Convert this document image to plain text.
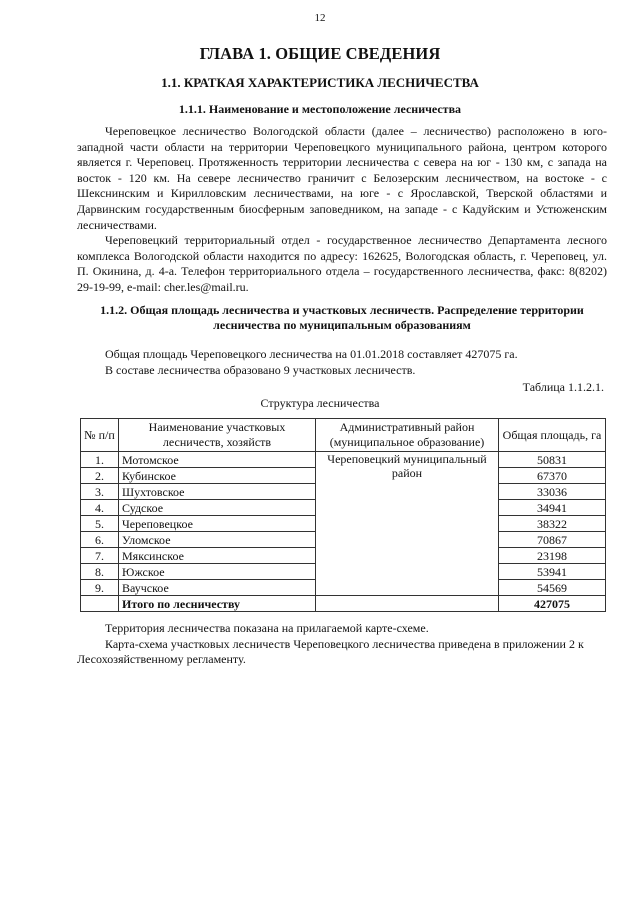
12
ГЛАВА 1. ОБЩИЕ СВЕДЕНИЯ
1.1. КРАТКАЯ ХАРАКТЕРИСТИКА ЛЕСНИЧЕСТВА
1.1.1. Наименование и местоположение лесничества

Череповецкое лесничество Вологодской области (далее – лесничество) расположено в юго-западной части области на территории Череповецкого муниципального района, центром которого является г. Череповец. Протяженность территории лесничества с севера на юг - 130 км, с запада на восток - 120 км. На севере лесничество граничит с Белозерским лесничеством, на востоке - с Шекснинским и Кирилловским лесничествами, на юге - с Ярославской, Тверской областями и Дарвинским государственным биосферным заповедником, на западе - с Кадуйским и Устюженским лесничествами.

Череповецкий территориальный отдел - государственное лесничество Департамента лесного комплекса Вологодской области находится по адресу: 162625, Вологодская область, г. Череповец, ул. П. Окинина, д. 4-а. Телефон территориального отдела – государственного лесничества, факс: 8(8202) 29-19-99, e-mail: cher.les@mail.ru.

1.1.2. Общая площадь лесничества и участковых лесничеств. Распределение территории лесничества по муниципальным образованиям

Общая площадь Череповецкого лесничества на 01.01.2018 составляет 427075 га.

В составе лесничества образовано 9 участковых лесничеств.

Таблица 1.1.2.1.
Структура лесничества
№ п/п	Наименование участковых лесничеств, хозяйств	Административный район (муниципальное образование)	Общая площадь, га
1.	Мотомское	Череповецкий муниципальный район	50831
2.	Кубинское		67370
3.	Шухтовское		33036
4.	Судское		34941
5.	Череповецкое		38322
6.	Уломское		70867
7.	Мяксинское		23198
8.	Южское		53941
9.	Ваучское		54569
	Итого по лесничеству		427075

Территория лесничества показана на прилагаемой карте-схеме.

Карта-схема участковых лесничеств Череповецкого лесничества приведена в приложении 2 к Лесохозяйственному регламенту.
